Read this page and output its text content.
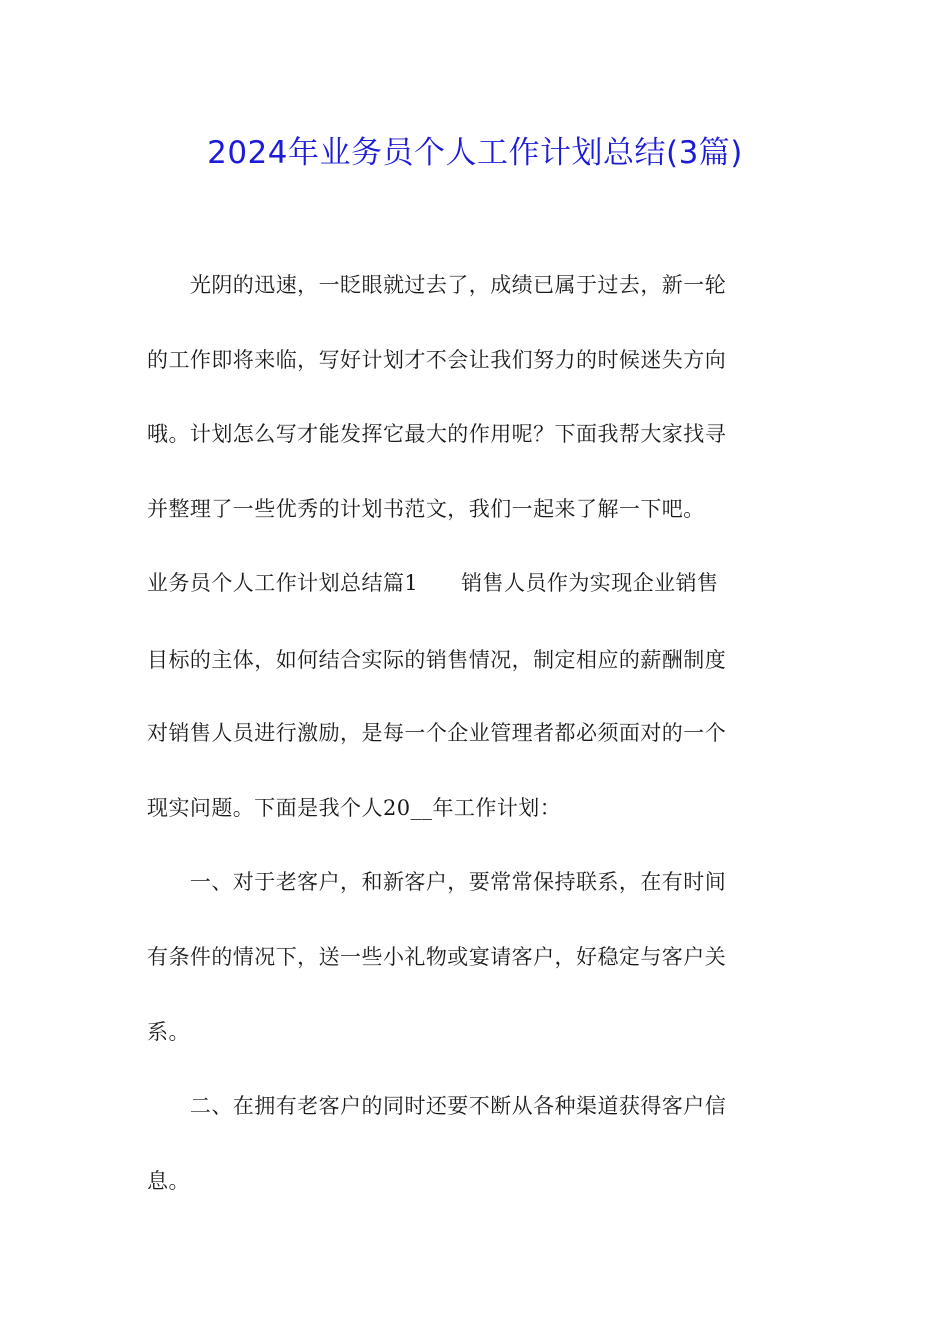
2024年业务员个人工作计划总结(3篇)

　　光阴的迅速，一眨眼就过去了，成绩已属于过去，新一轮

的工作即将来临，写好计划才不会让我们努力的时候迷失方向

哦。计划怎么写才能发挥它最大的作用呢？下面我帮大家找寻

并整理了一些优秀的计划书范文，我们一起来了解一下吧。

业务员个人工作计划总结篇1　　销售人员作为实现企业销售

目标的主体，如何结合实际的销售情况，制定相应的薪酬制度

对销售人员进行激励，是每一个企业管理者都必须面对的一个

现实问题。下面是我个人20__年工作计划：

　　一、对于老客户，和新客户，要常常保持联系，在有时间

有条件的情况下，送一些小礼物或宴请客户，好稳定与客户关

系。

　　二、在拥有老客户的同时还要不断从各种渠道获得客户信

息。
